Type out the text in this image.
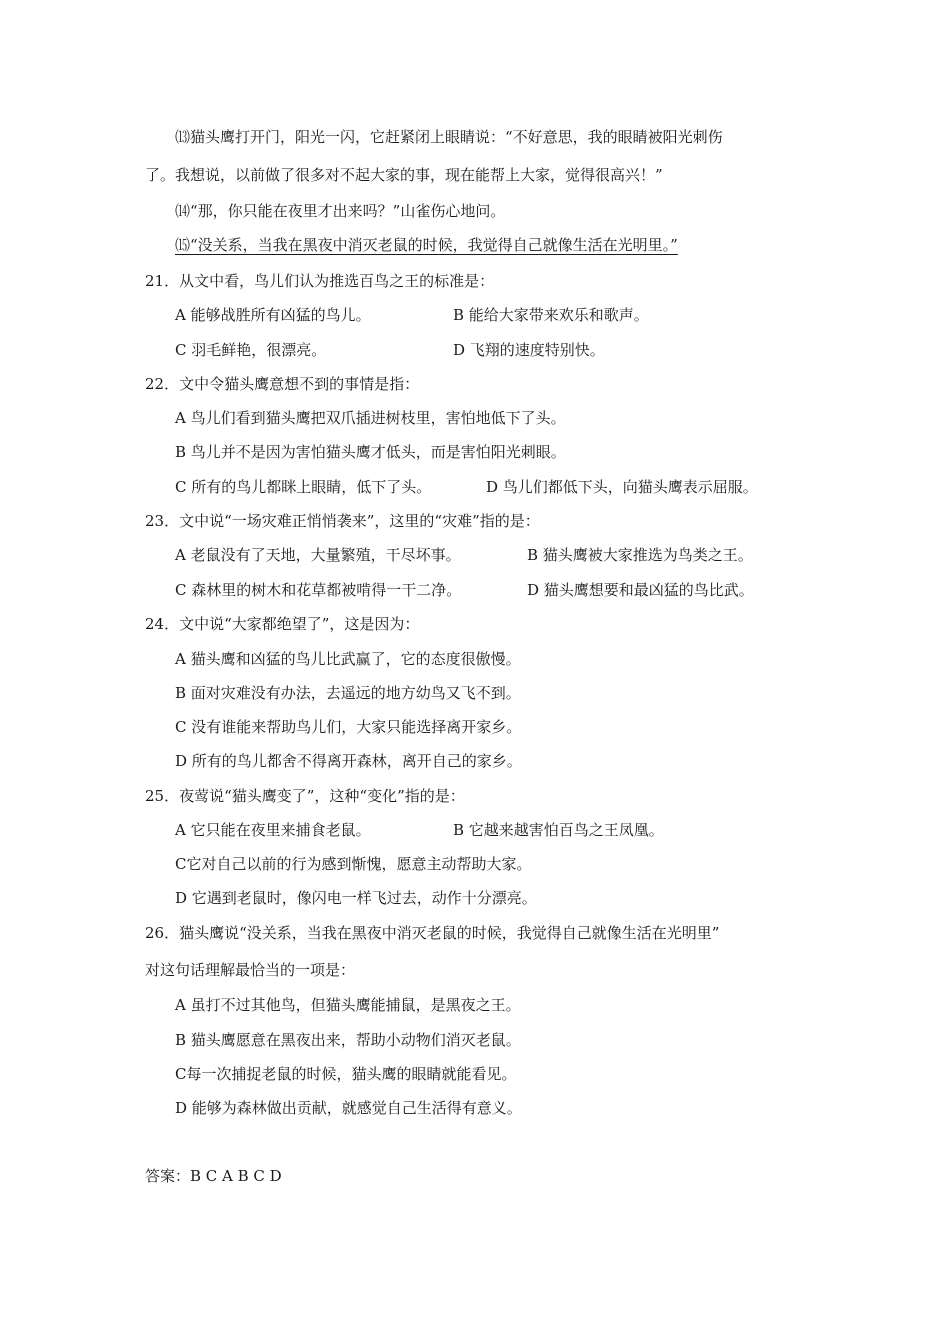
⒀猫头鹰打开门，阳光一闪，它赶紧闭上眼睛说：“不好意思，我的眼睛被阳光刺伤
了。我想说，以前做了很多对不起大家的事，现在能帮上大家，觉得很高兴！”
⒁“那，你只能在夜里才出来吗？”山雀伤心地问。
⒂“没关系，当我在黑夜中消灭老鼠的时候，我觉得自己就像生活在光明里。”
21．从文中看，鸟儿们认为推选百鸟之王的标准是：
A 能够战胜所有凶猛的鸟儿。	B 能给大家带来欢乐和歌声。
C 羽毛鲜艳，很漂亮。	D 飞翔的速度特别快。
22．文中令猫头鹰意想不到的事情是指：
A 鸟儿们看到猫头鹰把双爪插进树枝里，害怕地低下了头。
B 鸟儿并不是因为害怕猫头鹰才低头，而是害怕阳光刺眼。
C 所有的鸟儿都眯上眼睛，低下了头。	D 鸟儿们都低下头，向猫头鹰表示屈服。
23．文中说“一场灾难正悄悄袭来”，这里的“灾难”指的是：
A 老鼠没有了天地，大量繁殖，干尽坏事。	B 猫头鹰被大家推选为鸟类之王。
C 森林里的树木和花草都被啃得一干二净。	D 猫头鹰想要和最凶猛的鸟比武。
24．文中说“大家都绝望了”，这是因为：
A 猫头鹰和凶猛的鸟儿比武赢了，它的态度很傲慢。
B 面对灾难没有办法，去遥远的地方幼鸟又飞不到。
C 没有谁能来帮助鸟儿们，大家只能选择离开家乡。
D 所有的鸟儿都舍不得离开森林，离开自己的家乡。
25．夜莺说“猫头鹰变了”，这种“变化”指的是：
A 它只能在夜里来捕食老鼠。	B 它越来越害怕百鸟之王凤凰。
C它对自己以前的行为感到惭愧，愿意主动帮助大家。
D 它遇到老鼠时，像闪电一样飞过去，动作十分漂亮。
26．猫头鹰说“没关系，当我在黑夜中消灭老鼠的时候，我觉得自己就像生活在光明里”
对这句话理解最恰当的一项是：
A 虽打不过其他鸟，但猫头鹰能捕鼠，是黑夜之王。
B 猫头鹰愿意在黑夜出来，帮助小动物们消灭老鼠。
C每一次捕捉老鼠的时候，猫头鹰的眼睛就能看见。
D 能够为森林做出贡献，就感觉自己生活得有意义。
答案：B C A B C D
